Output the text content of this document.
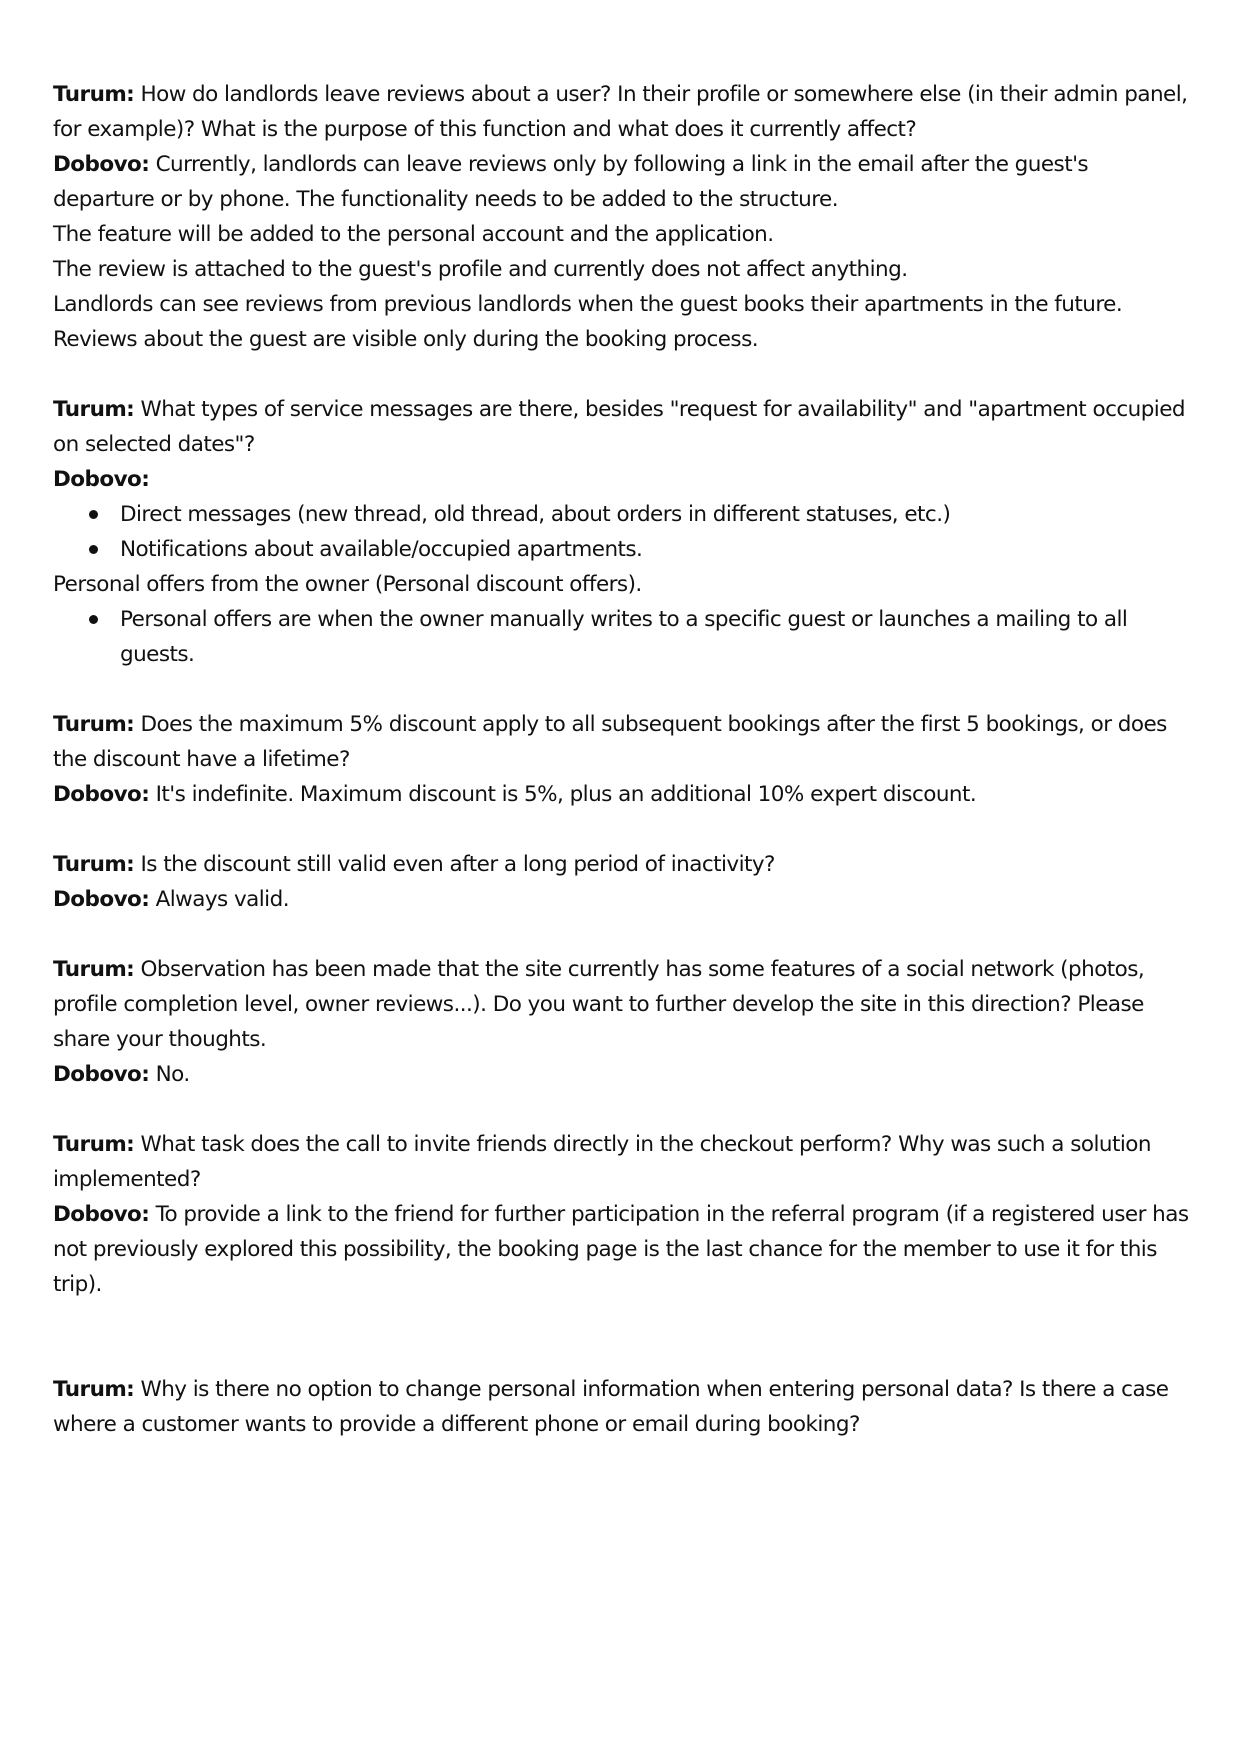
Turum: How do landlords leave reviews about a user? In their profile or somewhere else (in their admin panel, for example)? What is the purpose of this function and what does it currently affect?
Dobovo: Currently, landlords can leave reviews only by following a link in the email after the guest's departure or by phone. The functionality needs to be added to the structure.
The feature will be added to the personal account and the application.
The review is attached to the guest's profile and currently does not affect anything.
Landlords can see reviews from previous landlords when the guest books their apartments in the future. Reviews about the guest are visible only during the booking process.
Turum: What types of service messages are there, besides "request for availability" and "apartment occupied on selected dates"?
Dobovo:
Direct messages (new thread, old thread, about orders in different statuses, etc.)
Notifications about available/occupied apartments.
Personal offers from the owner (Personal discount offers).
Personal offers are when the owner manually writes to a specific guest or launches a mailing to all guests.
Turum: Does the maximum 5% discount apply to all subsequent bookings after the first 5 bookings, or does the discount have a lifetime?
Dobovo: It's indefinite. Maximum discount is 5%, plus an additional 10% expert discount.
Turum: Is the discount still valid even after a long period of inactivity?
Dobovo: Always valid.
Turum: Observation has been made that the site currently has some features of a social network (photos, profile completion level, owner reviews...). Do you want to further develop the site in this direction? Please share your thoughts.
Dobovo: No.
Turum: What task does the call to invite friends directly in the checkout perform? Why was such a solution implemented?
Dobovo: To provide a link to the friend for further participation in the referral program (if a registered user has not previously explored this possibility, the booking page is the last chance for the member to use it for this trip).
Turum: Why is there no option to change personal information when entering personal data? Is there a case where a customer wants to provide a different phone or email during booking?
